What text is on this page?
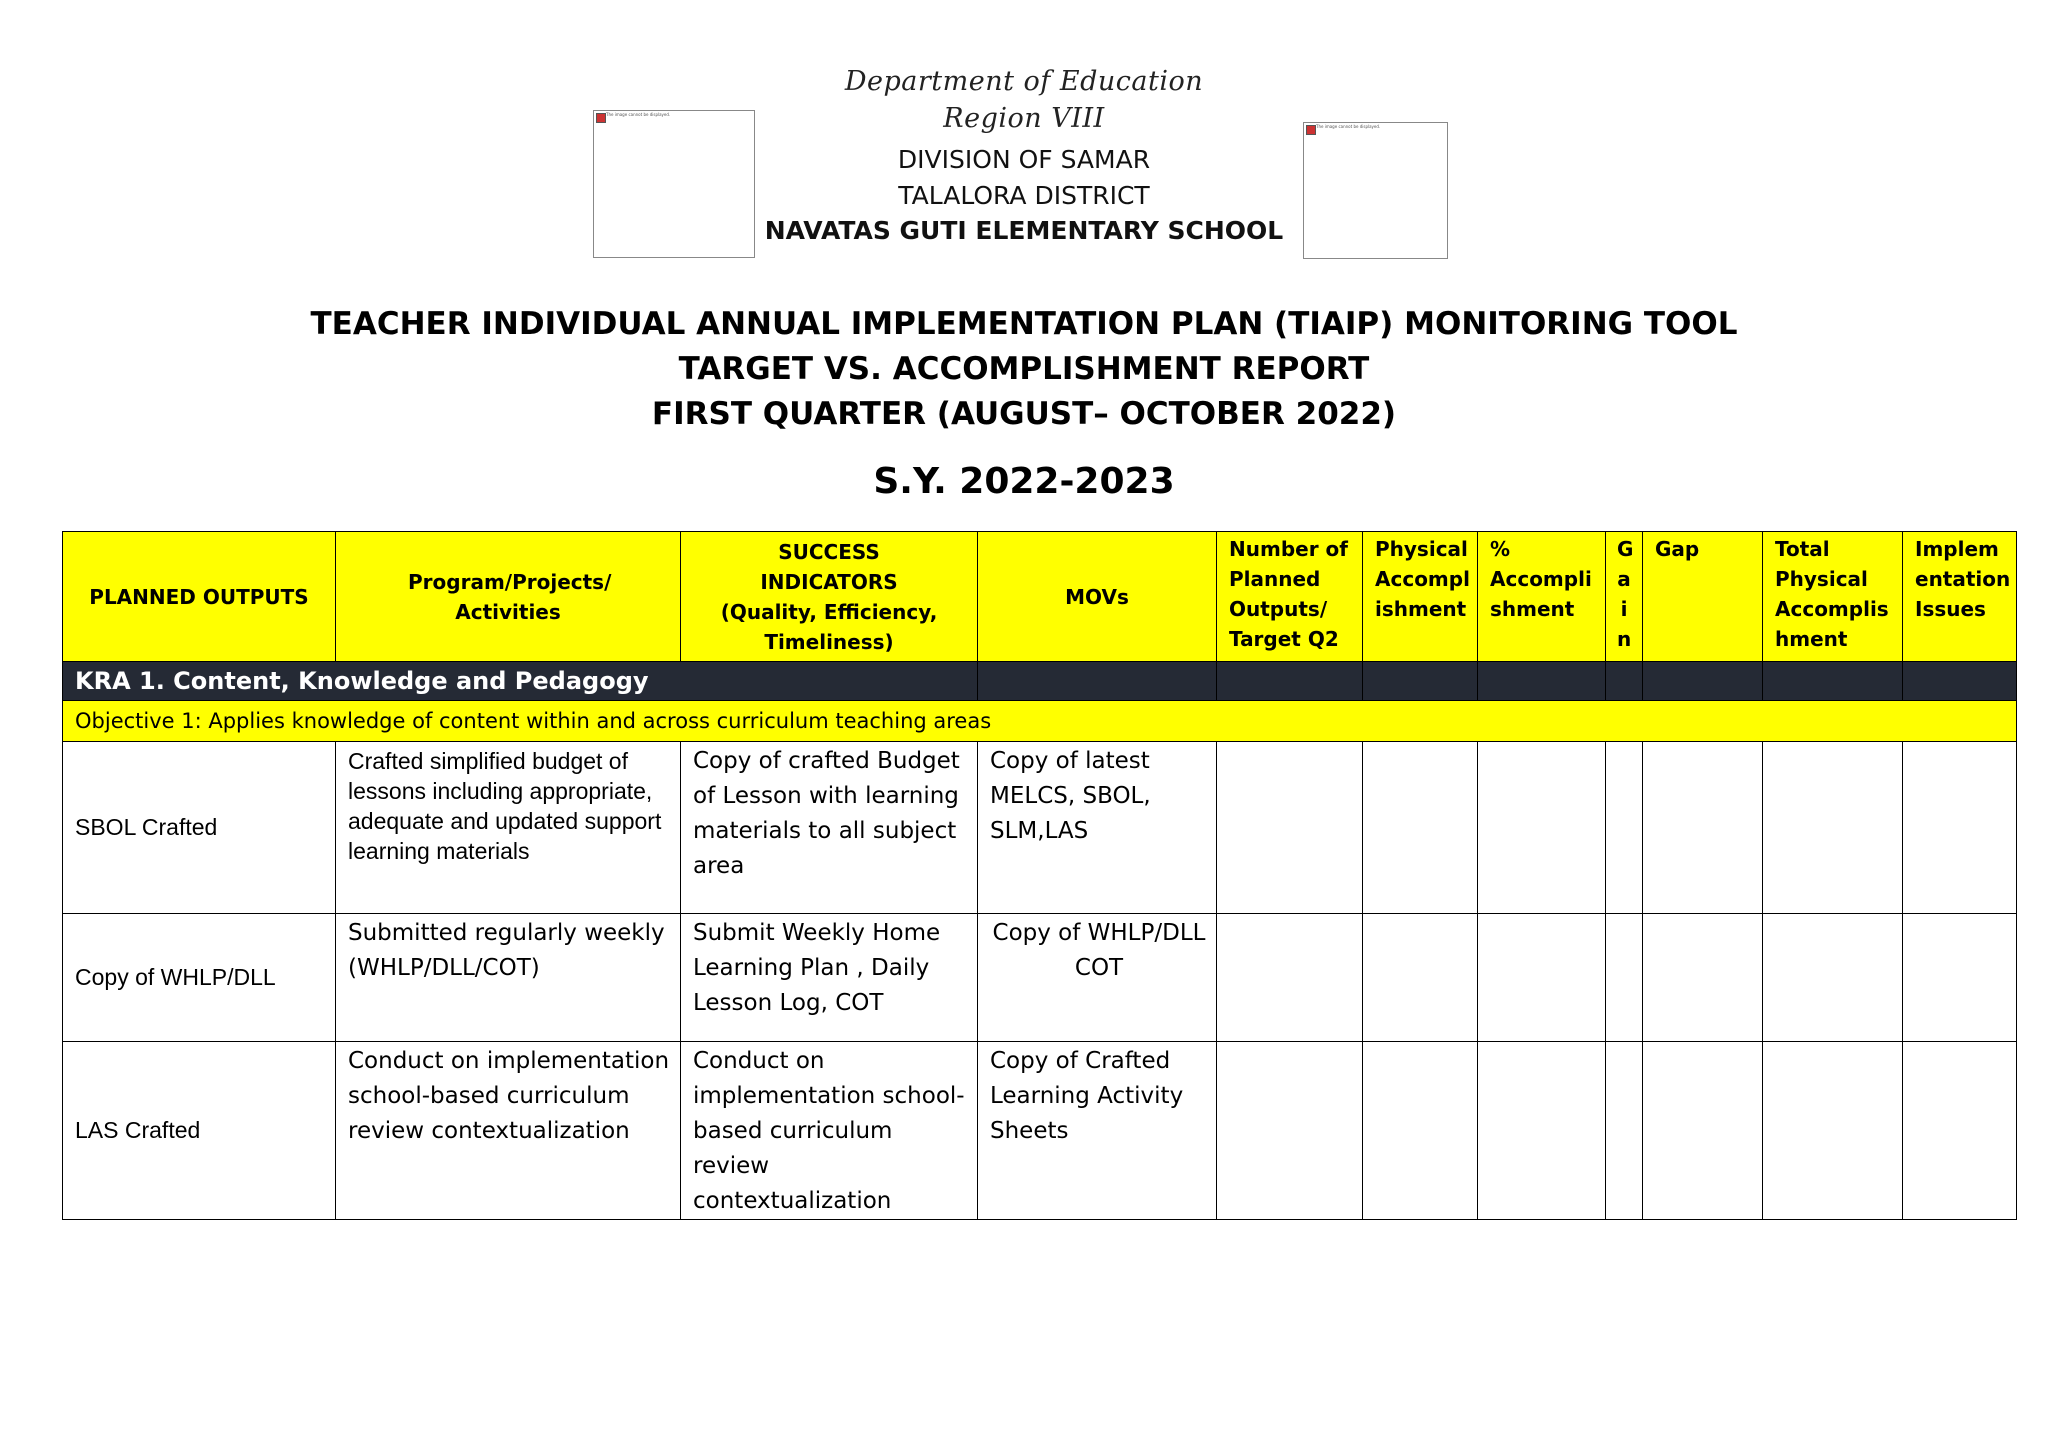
Department of Education
Region VIII
DIVISION OF SAMAR
TALALORA DISTRICT
NAVATAS GUTI ELEMENTARY SCHOOL
The image cannot be displayed.
The image cannot be displayed.
TEACHER INDIVIDUAL ANNUAL IMPLEMENTATION PLAN (TIAIP) MONITORING TOOL
TARGET VS. ACCOMPLISHMENT REPORT
FIRST QUARTER (AUGUST– OCTOBER 2022)
S.Y. 2022-2023
PLANNED OUTPUTS	Program/Projects/ Activities	SUCCESS INDICATORS (Quality, Efficiency, Timeliness)	MOVs	Number of Planned Outputs/ Target Q2	Physical Accompl ishment	% Accompli shment	G a i n	Gap	Total Physical Accomplis hment	Implem entation Issues
KRA 1. Content, Knowledge and Pedagogy										
Objective 1: Applies knowledge of content within and across curriculum teaching areas										
SBOL Crafted	Crafted simplified budget of lessons including appropriate, adequate and updated support learning materials	Copy of crafted Budget of Lesson with learning materials to all subject area	Copy of latest MELCS, SBOL, SLM,LAS							
Copy of WHLP/DLL	Submitted regularly weekly (WHLP/DLL/COT)	Submit Weekly Home Learning Plan , Daily Lesson Log, COT	Copy of WHLP/DLL COT							
LAS Crafted	Conduct on implementation school-based curriculum review contextualization	Conduct on implementation school-based curriculum review contextualization	Copy of Crafted Learning Activity Sheets							
